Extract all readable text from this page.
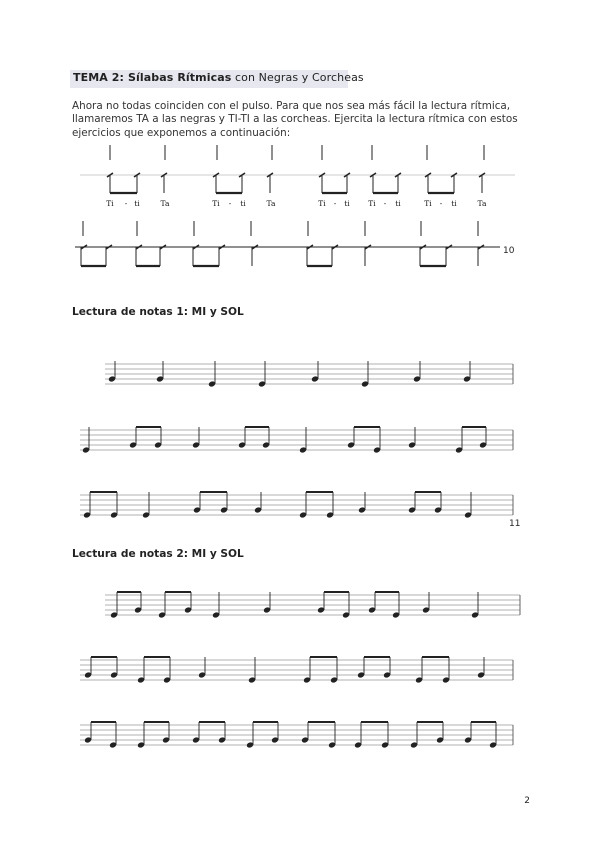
TEMA 2: Sílabas Rítmicas con Negras y Corcheas

Ahora no todas coinciden con el pulso. Para que nos sea más fácil la lectura rítmica, llamaremos TA a las negras y TI-TI a las corcheas. Ejercita la lectura rítmica con estos ejercicios que exponemos a continuación:

Ti - ti	Ta	Ti - ti	Ta	Ti - ti Ti - ti	Ti - ti	Ta
10
Lectura de notas 1: MI y SOL
11
Lectura de notas 2: MI y SOL
2
